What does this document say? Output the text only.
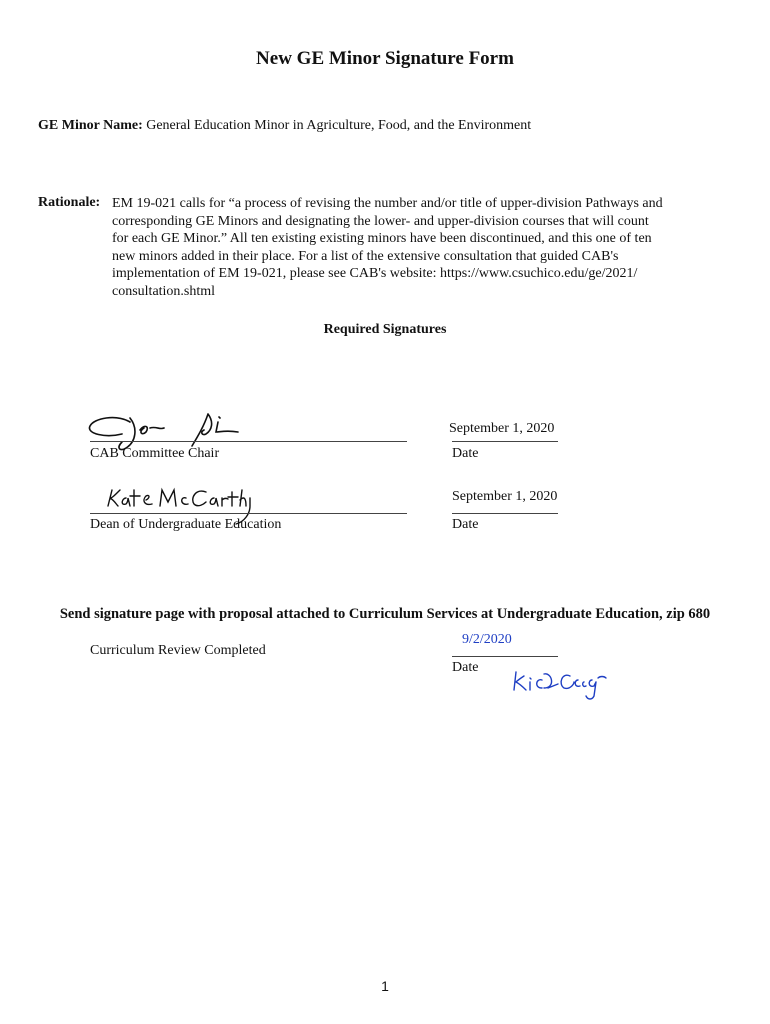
New GE Minor Signature Form
GE Minor Name: General Education Minor in Agriculture, Food, and the Environment
Rationale: EM 19-021 calls for “a process of revising the number and/or title of upper-division Pathways and
corresponding GE Minors and designating the lower- and upper-division courses that will count
for each GE Minor.” All ten existing existing minors have been discontinued, and this one of ten
new minors added in their place. For a list of the extensive consultation that guided CAB's
implementation of EM 19-021, please see CAB's website: https://www.csuchico.edu/ge/2021/
consultation.shtml
Required Signatures
CAB Committee Chair
September 1, 2020
Date
Dean of Undergraduate Education
September 1, 2020
Date
Send signature page with proposal attached to Curriculum Services at Undergraduate Education, zip 680
Curriculum Review Completed
9/2/2020
Date
1
